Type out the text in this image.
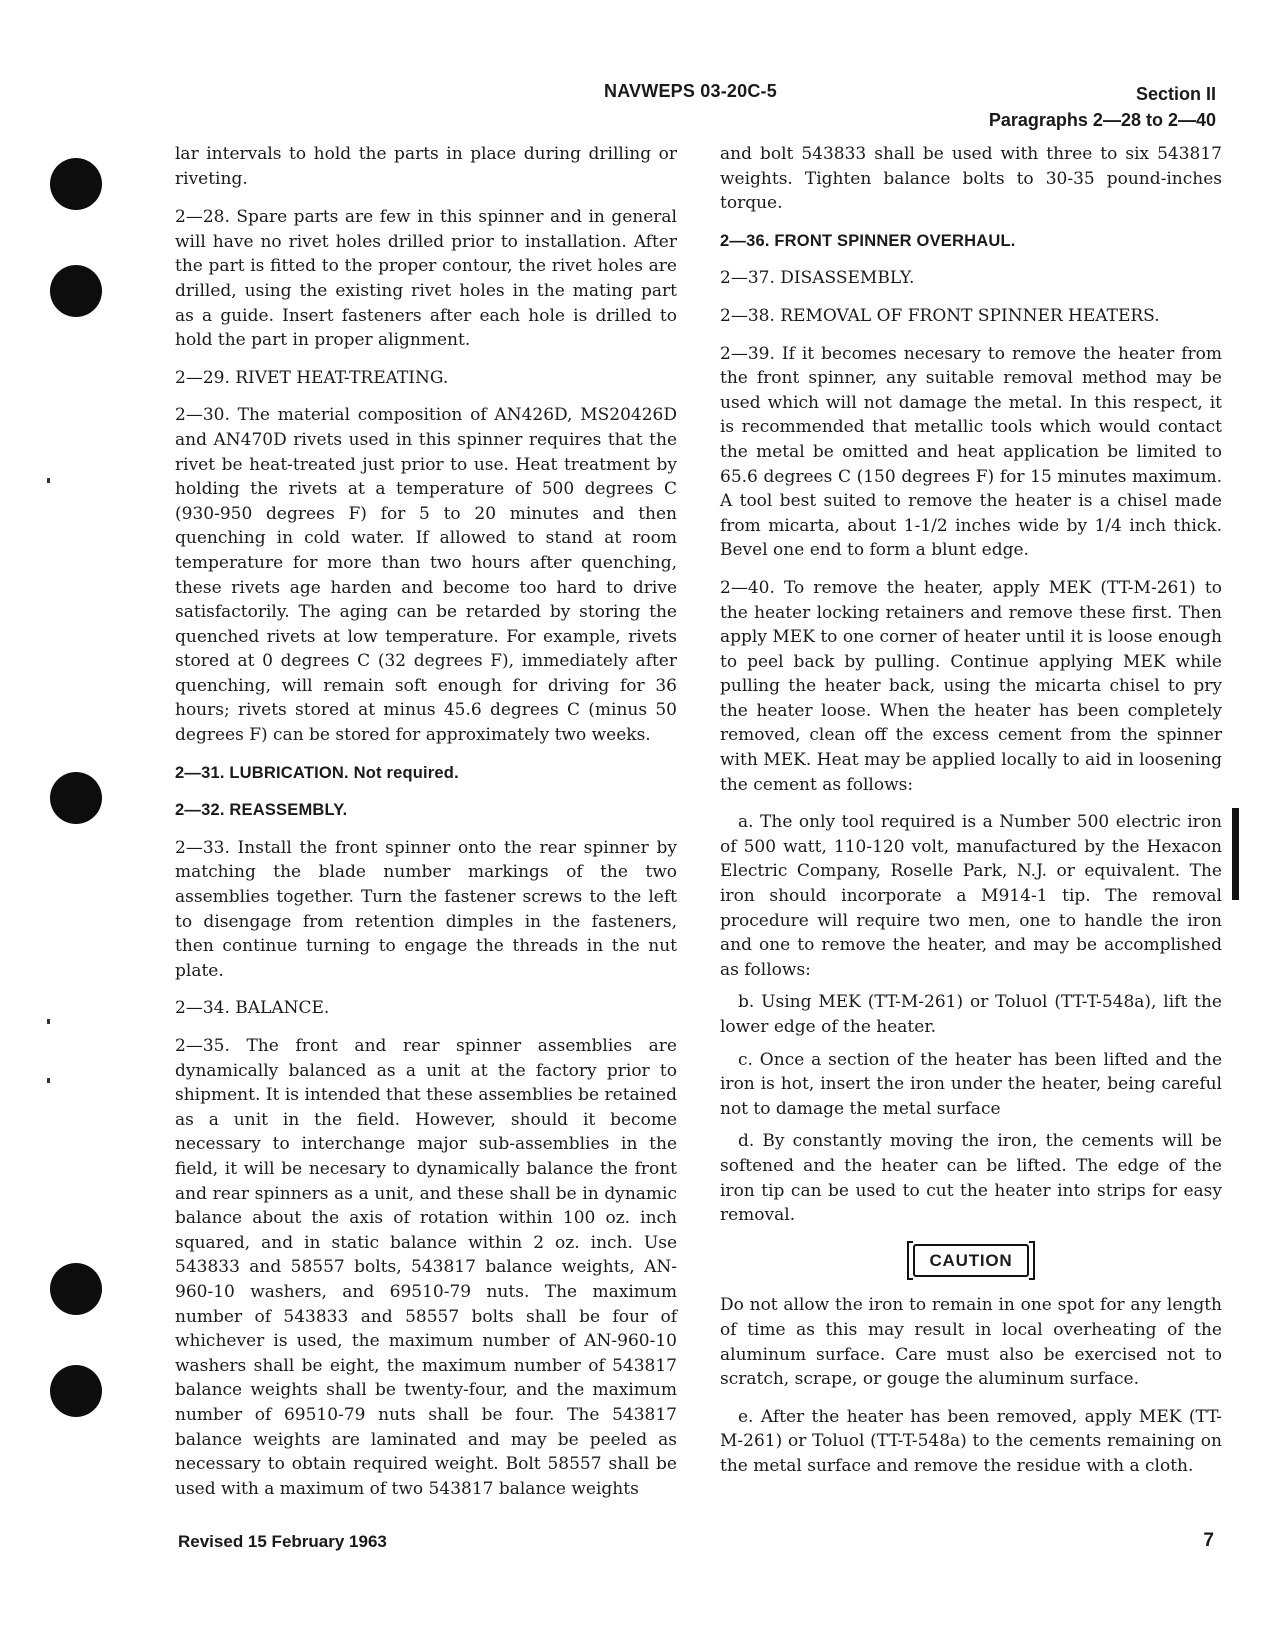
NAVWEPS 03-20C-5	Section II
Paragraphs 2—28 to 2—40

lar intervals to hold the parts in place during drilling or riveting.

2—28. Spare parts are few in this spinner and in general will have no rivet holes drilled prior to installation. After the part is fitted to the proper contour, the rivet holes are drilled, using the existing rivet holes in the mating part as a guide. Insert fasteners after each hole is drilled to hold the part in proper alignment.

2—29. RIVET HEAT-TREATING.

2—30. The material composition of AN426D, MS20426D and AN470D rivets used in this spinner requires that the rivet be heat-treated just prior to use. Heat treatment by holding the rivets at a temperature of 500 degrees C (930-950 degrees F) for 5 to 20 minutes and then quenching in cold water. If allowed to stand at room temperature for more than two hours after quenching, these rivets age harden and become too hard to drive satisfactorily. The aging can be retarded by storing the quenched rivets at low temperature. For example, rivets stored at 0 degrees C (32 degrees F), immediately after quenching, will remain soft enough for driving for 36 hours; rivets stored at minus 45.6 degrees C (minus 50 degrees F) can be stored for approximately two weeks.

2—31. LUBRICATION. Not required.
2—32. REASSEMBLY.

2—33. Install the front spinner onto the rear spinner by matching the blade number markings of the two assemblies together. Turn the fastener screws to the left to disengage from retention dimples in the fasteners, then continue turning to engage the threads in the nut plate.

2—34. BALANCE.

2—35. The front and rear spinner assemblies are dynamically balanced as a unit at the factory prior to shipment. It is intended that these assemblies be retained as a unit in the field. However, should it become necessary to interchange major sub-assemblies in the field, it will be necesary to dynamically balance the front and rear spinners as a unit, and these shall be in dynamic balance about the axis of rotation within 100 oz. inch squared, and in static balance within 2 oz. inch. Use 543833 and 58557 bolts, 543817 balance weights, AN-960-10 washers, and 69510-79 nuts. The maximum number of 543833 and 58557 bolts shall be four of whichever is used, the maximum number of AN-960-10 washers shall be eight, the maximum number of 543817 balance weights shall be twenty-four, and the maximum number of 69510-79 nuts shall be four. The 543817 balance weights are laminated and may be peeled as necessary to obtain required weight. Bolt 58557 shall be used with a maximum of two 543817 balance weights

and bolt 543833 shall be used with three to six 543817 weights. Tighten balance bolts to 30-35 pound-inches torque.

2—36. FRONT SPINNER OVERHAUL.
2—37. DISASSEMBLY.
2—38. REMOVAL OF FRONT SPINNER HEATERS.

2—39. If it becomes necesary to remove the heater from the front spinner, any suitable removal method may be used which will not damage the metal. In this respect, it is recommended that metallic tools which would contact the metal be omitted and heat application be limited to 65.6 degrees C (150 degrees F) for 15 minutes maximum. A tool best suited to remove the heater is a chisel made from micarta, about 1-1/2 inches wide by 1/4 inch thick. Bevel one end to form a blunt edge.

2—40. To remove the heater, apply MEK (TT-M-261) to the heater locking retainers and remove these first. Then apply MEK to one corner of heater until it is loose enough to peel back by pulling. Continue applying MEK while pulling the heater back, using the micarta chisel to pry the heater loose. When the heater has been completely removed, clean off the excess cement from the spinner with MEK. Heat may be applied locally to aid in loosening the cement as follows:

a. The only tool required is a Number 500 electric iron of 500 watt, 110-120 volt, manufactured by the Hexacon Electric Company, Roselle Park, N.J. or equivalent. The iron should incorporate a M914-1 tip. The removal procedure will require two men, one to handle the iron and one to remove the heater, and may be accomplished as follows:

b. Using MEK (TT-M-261) or Toluol (TT-T-548a), lift the lower edge of the heater.

c. Once a section of the heater has been lifted and the iron is hot, insert the iron under the heater, being careful not to damage the metal surface

d. By constantly moving the iron, the cements will be softened and the heater can be lifted. The edge of the iron tip can be used to cut the heater into strips for easy removal.

CAUTION

Do not allow the iron to remain in one spot for any length of time as this may result in local overheating of the aluminum surface. Care must also be exercised not to scratch, scrape, or gouge the aluminum surface.

e. After the heater has been removed, apply MEK (TT-M-261) or Toluol (TT-T-548a) to the cements remaining on the metal surface and remove the residue with a cloth.

Revised 15 February 1963	7
